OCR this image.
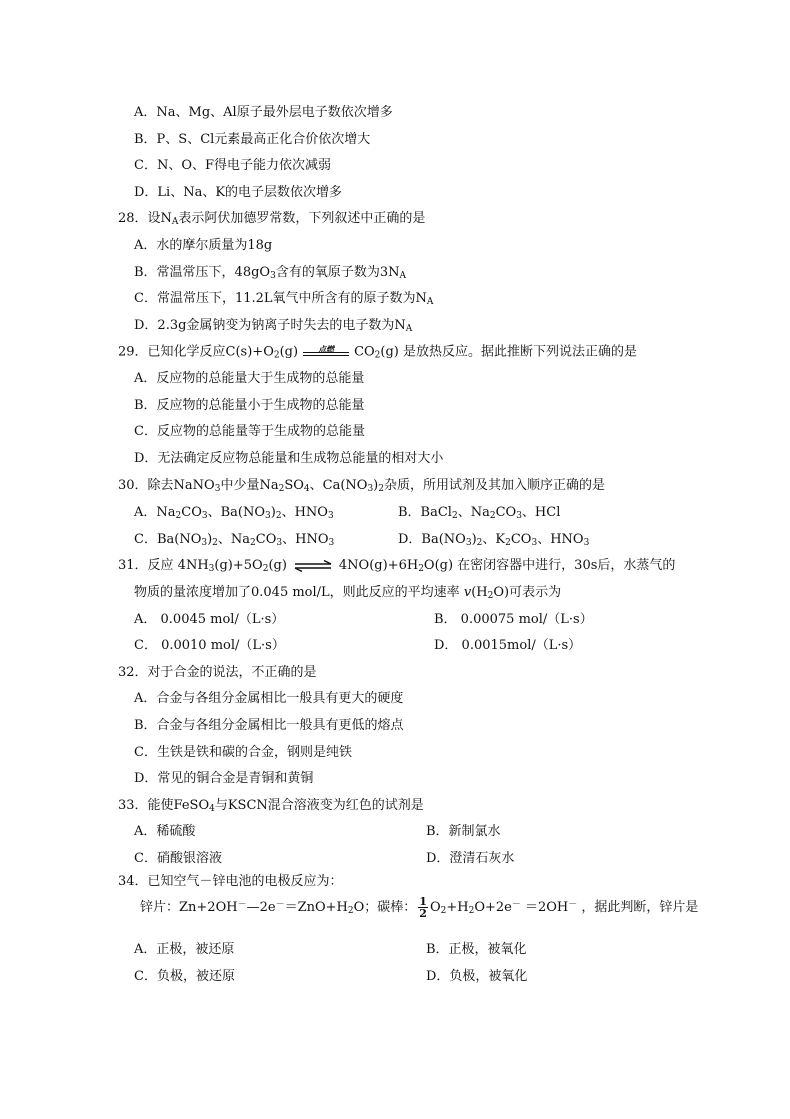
A．Na、Mg、Al原子最外层电子数依次增多
B．P、S、Cl元素最高正化合价依次增大
C．N、O、F得电子能力依次减弱
D．Li、Na、K的电子层数依次增多
28．设$N_A$表示阿伏加德罗常数，下列叙述中正确的是
A．水的摩尔质量为18g
B．常温常压下，$48gO_3$含有的氧原子数为$3N_A$
C．常温常压下，11.2L氧气中所含有的原子数为$N_A$
D．2.3g金属钠变为钠离子时失去的电子数为$N_A$
29．已知化学反应$C(s)+O_2(g)$	点燃	$CO_2(g)$ 是放热反应。据此推断下列说法正确的是
A．反应物的总能量大于生成物的总能量
B．反应物的总能量小于生成物的总能量
C．反应物的总能量等于生成物的总能量
D．无法确定反应物总能量和生成物总能量的相对大小
30．除去NaNO$_3$中少量$Na_2SO_4$、$Ca(NO_3)_2$杂质，所用试剂及其加入顺序正确的是
A．$Na_2CO_3$、$Ba(NO_3)_2$、$HNO_3$	B．BaCl$_2$、$Na_2CO_3$、HCl
C．$Ba(NO_3)_2$、$Na_2CO_3$、$HNO_3$	D．$Ba(NO_3)_2$、$K_2CO_3$、$HNO_3$
31．反应 $4NH_3(g)+5O_2(g)$ ⇌ $4NO(g)+6H_2O(g)$ 在密闭容器中进行，30s后，水蒸气的
物质的量浓度增加了0.045 mol/L，则此反应的平均速率 $v(H_2O)$可表示为
A． 0.0045 mol/（L·s）	B． 0.00075 mol/（L·s）
C． 0.0010 mol/（L·s）	D． 0.0015mol/（L·s）
32．对于合金的说法，不正确的是
A．合金与各组分金属相比一般具有更大的硬度
B．合金与各组分金属相比一般具有更低的熔点
C．生铁是铁和碳的合金，钢则是纯铁
D．常见的铜合金是青铜和黄铜
33．能使FeSO$_4$与KSCN混合溶液变为红色的试剂是
A．稀硫酸	B．新制氯水
C．硝酸银溶液	D．澄清石灰水
34．已知空气－锌电池的电极反应为：
锌片：$Zn+2OH^-—2e^-=ZnO+H_2O$；碳棒： $\frac{1}{2} O_2+H_2O+2e^- =2OH^-$ ，据此判断，锌片是
A．正极，被还原	B．正极，被氧化
C．负极，被还原	D．负极，被氧化
